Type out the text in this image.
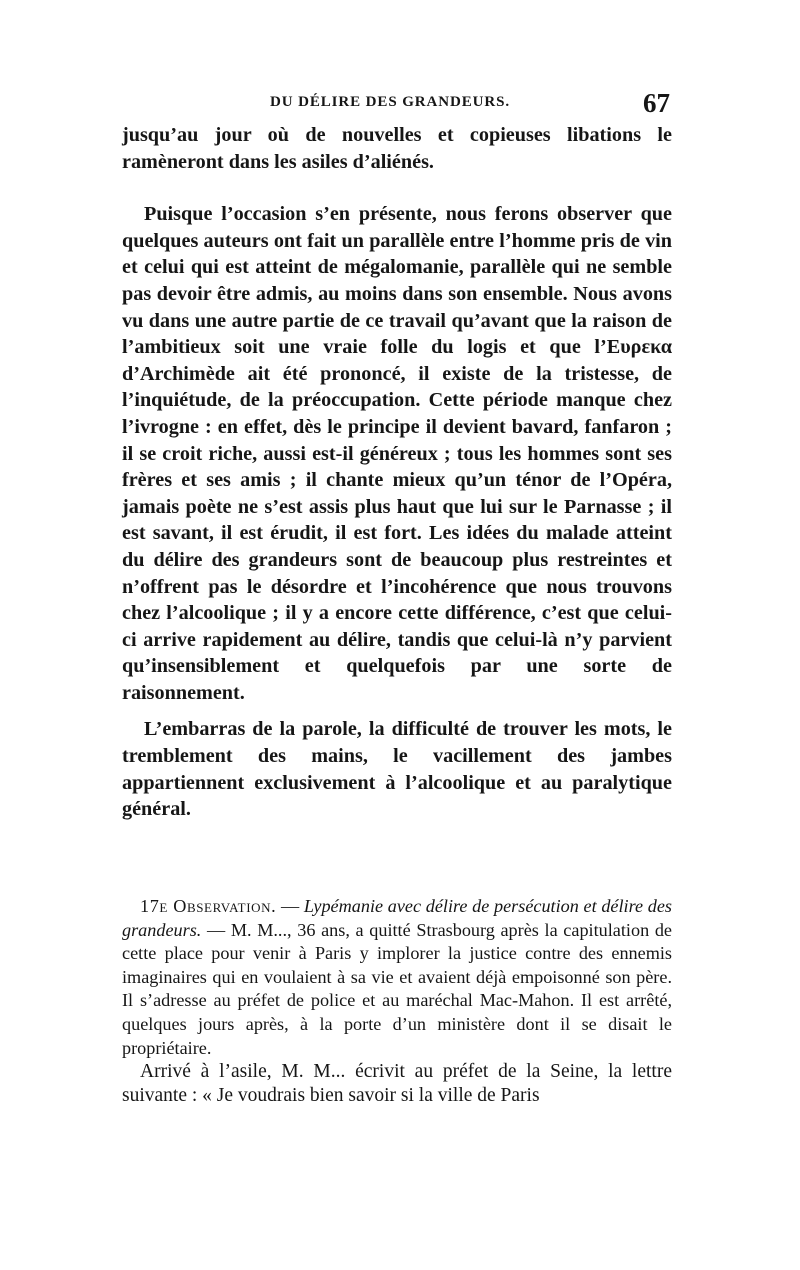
DU DÉLIRE DES GRANDEURS.	67

jusqu’au jour où de nouvelles et copieuses libations le ramèneront dans les asiles d’aliénés.

Puisque l’occasion s’en présente, nous ferons observer que quelques auteurs ont fait un parallèle entre l’homme pris de vin et celui qui est atteint de mégalomanie, parallèle qui ne semble pas devoir être admis, au moins dans son ensemble. Nous avons vu dans une autre partie de ce travail qu’avant que la raison de l’ambitieux soit une vraie folle du logis et que l’Ευρεκα d’Archimède ait été prononcé, il existe de la tristesse, de l’inquiétude, de la préoccupation. Cette période manque chez l’ivrogne : en effet, dès le principe il devient bavard, fanfaron ; il se croit riche, aussi est-il généreux ; tous les hommes sont ses frères et ses amis ; il chante mieux qu’un ténor de l’Opéra, jamais poète ne s’est assis plus haut que lui sur le Parnasse ; il est savant, il est érudit, il est fort. Les idées du malade atteint du délire des grandeurs sont de beaucoup plus restreintes et n’offrent pas le désordre et l’incohérence que nous trouvons chez l’alcoolique ; il y a encore cette différence, c’est que celui-ci arrive rapidement au délire, tandis que celui-là n’y parvient qu’insensiblement et quelquefois par une sorte de raisonnement.

L’embarras de la parole, la difficulté de trouver les mots, le tremblement des mains, le vacillement des jambes appartiennent exclusivement à l’alcoolique et au paralytique général.

17e Observation. — Lypémanie avec délire de persécution et délire des grandeurs. — M. M..., 36 ans, a quitté Strasbourg après la capitulation de cette place pour venir à Paris y implorer la justice contre des ennemis imaginaires qui en voulaient à sa vie et avaient déjà empoisonné son père. Il s’adresse au préfet de police et au maréchal Mac-Mahon. Il est arrêté, quelques jours après, à la porte d’un ministère dont il se disait le propriétaire.

Arrivé à l’asile, M. M... écrivit au préfet de la Seine, la lettre suivante : « Je voudrais bien savoir si la ville de Paris
